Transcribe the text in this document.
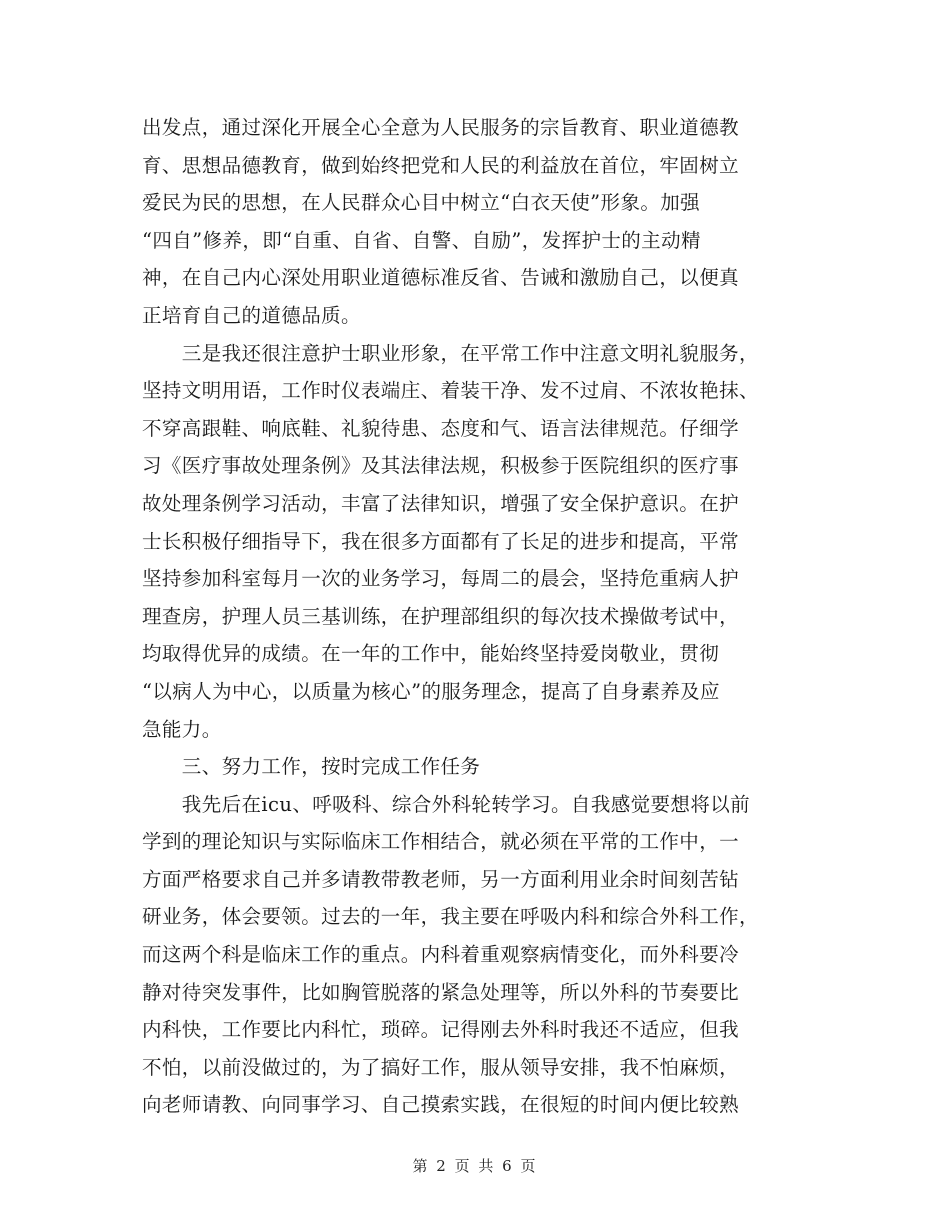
出发点，通过深化开展全心全意为人民服务的宗旨教育、职业道德教
育、思想品德教育，做到始终把党和人民的利益放在首位，牢固树立
爱民为民的思想，在人民群众心目中树立“白衣天使”形象。加强
“四自”修养，即“自重、自省、自警、自励”，发挥护士的主动精
神，在自己内心深处用职业道德标准反省、告诫和激励自己，以便真
正培育自己的道德品质。
　　三是我还很注意护士职业形象，在平常工作中注意文明礼貌服务，
坚持文明用语，工作时仪表端庄、着装干净、发不过肩、不浓妆艳抹、
不穿高跟鞋、响底鞋、礼貌待患、态度和气、语言法律规范。仔细学
习《医疗事故处理条例》及其法律法规，积极参于医院组织的医疗事
故处理条例学习活动，丰富了法律知识，增强了安全保护意识。在护
士长积极仔细指导下，我在很多方面都有了长足的进步和提高，平常
坚持参加科室每月一次的业务学习，每周二的晨会，坚持危重病人护
理查房，护理人员三基训练，在护理部组织的每次技术操做考试中，
均取得优异的成绩。在一年的工作中，能始终坚持爱岗敬业，贯彻
“以病人为中心，以质量为核心”的服务理念，提高了自身素养及应
急能力。
　　三、努力工作，按时完成工作任务
　　我先后在icu、呼吸科、综合外科轮转学习。自我感觉要想将以前
学到的理论知识与实际临床工作相结合，就必须在平常的工作中，一
方面严格要求自己并多请教带教老师，另一方面利用业余时间刻苦钻
研业务，体会要领。过去的一年，我主要在呼吸内科和综合外科工作，
而这两个科是临床工作的重点。内科着重观察病情变化，而外科要冷
静对待突发事件，比如胸管脱落的紧急处理等，所以外科的节奏要比
内科快，工作要比内科忙，琐碎。记得刚去外科时我还不适应，但我
不怕，以前没做过的，为了搞好工作，服从领导安排，我不怕麻烦，
向老师请教、向同事学习、自己摸索实践，在很短的时间内便比较熟
第 2 页 共 6 页
